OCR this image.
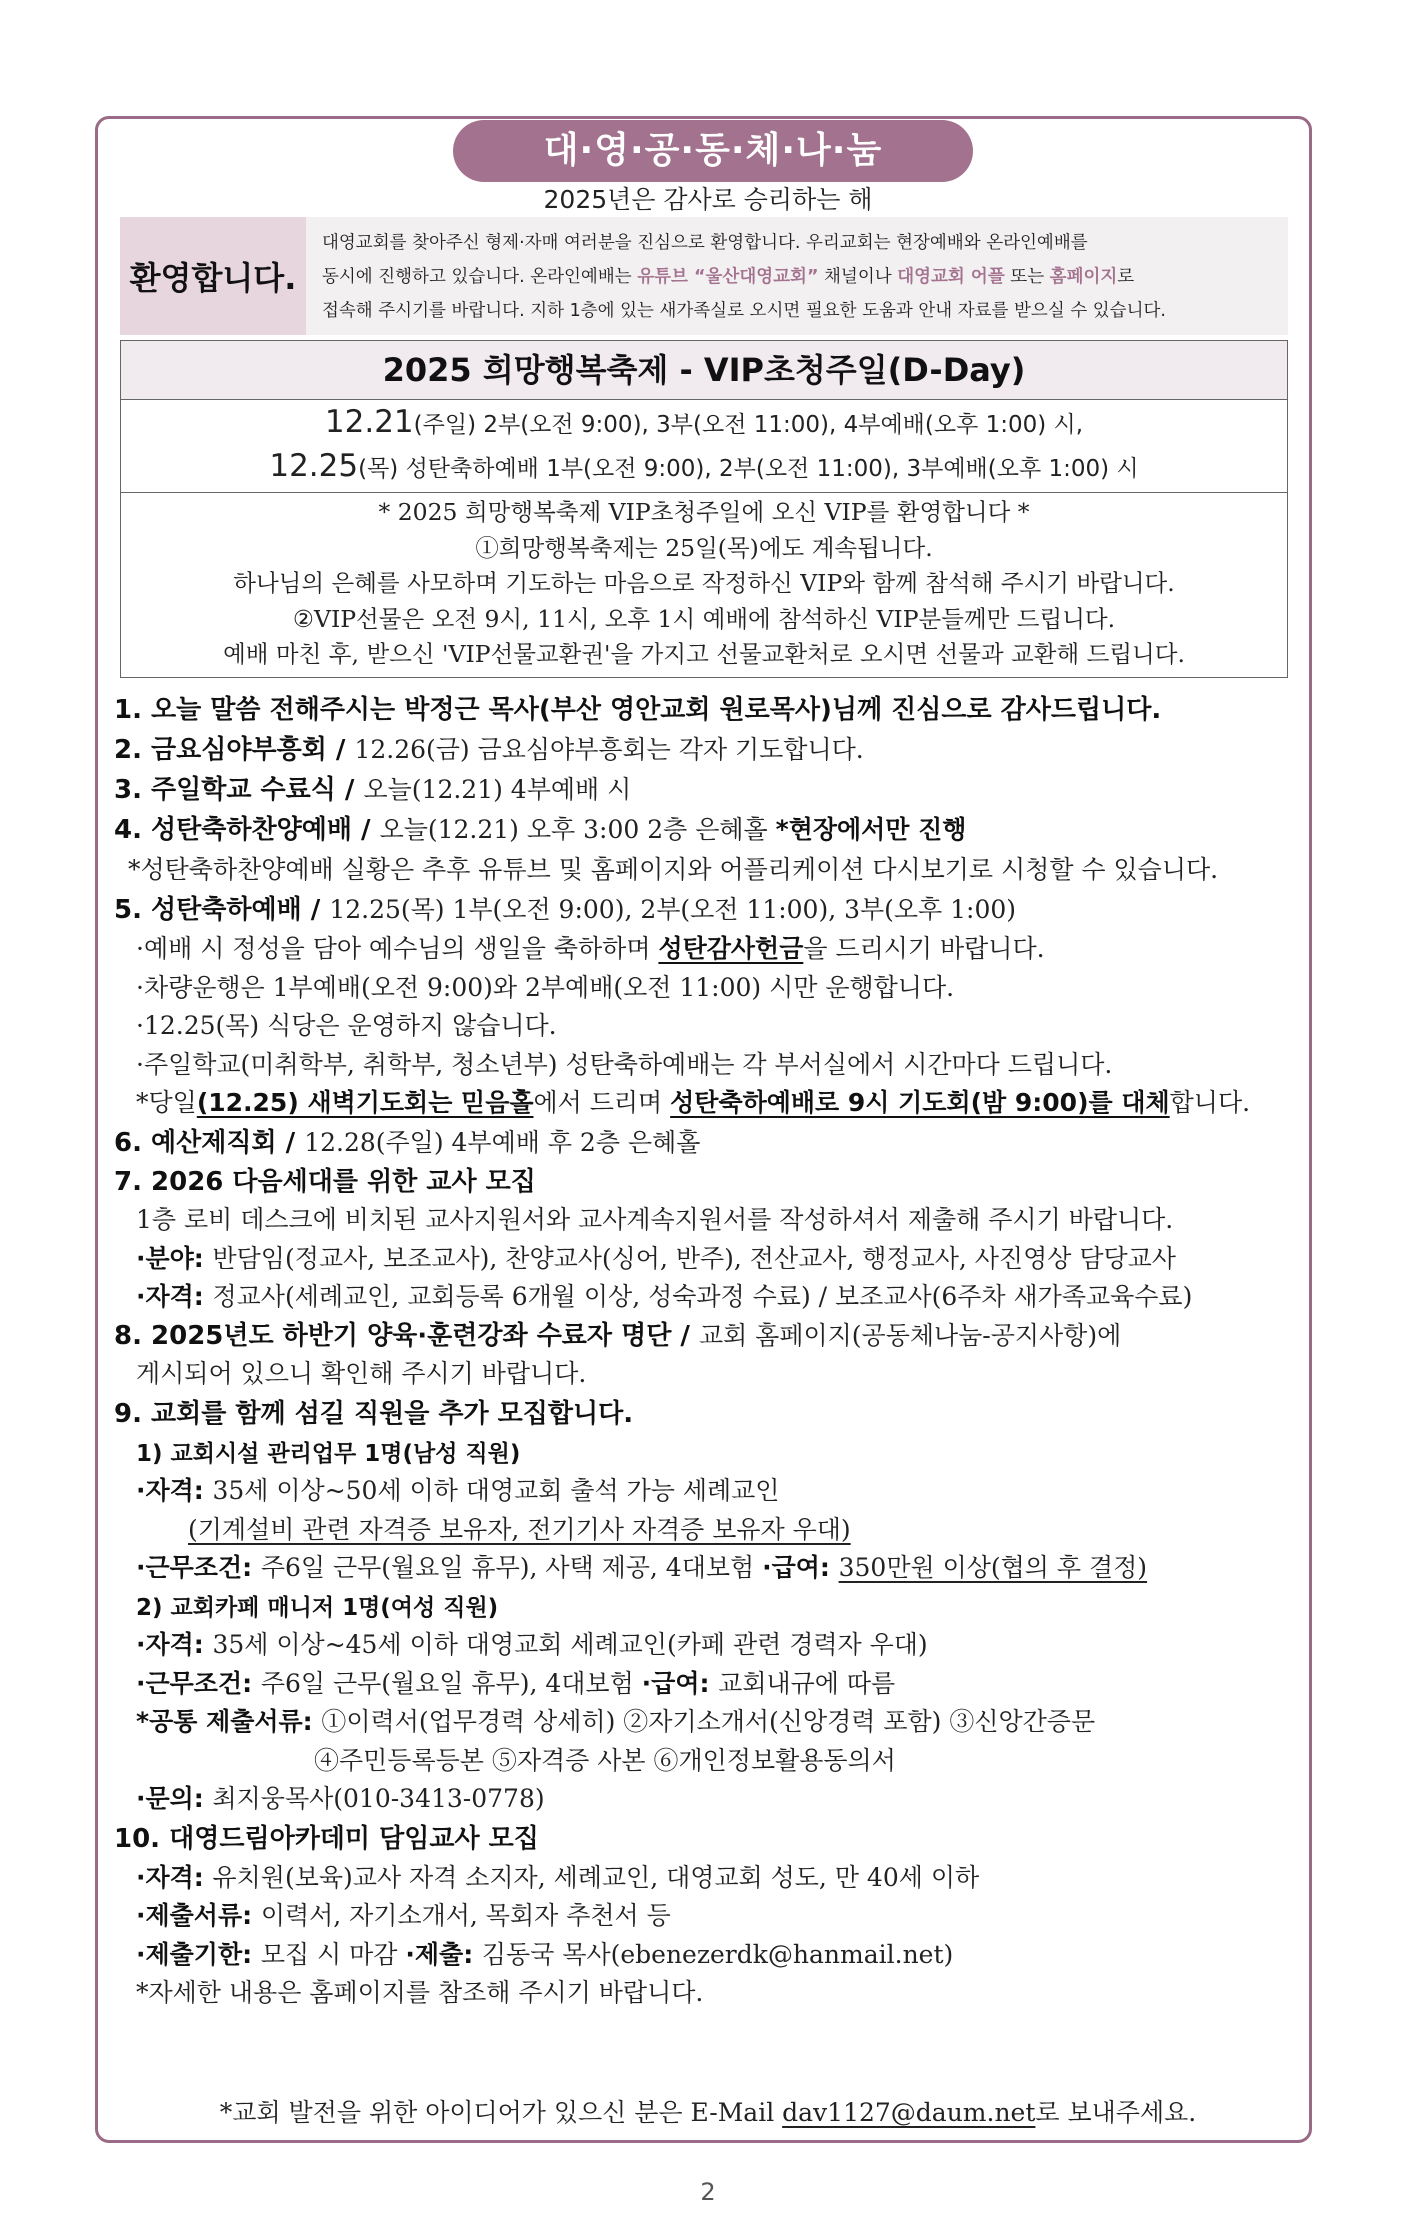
대·영·공·동·체·나·눔
2025년은 감사로 승리하는 해
환영합니다.
대영교회를 찾아주신 형제·자매 여러분을 진심으로 환영합니다. 우리교회는 현장예배와 온라인예배를
동시에 진행하고 있습니다. 온라인예배는 유튜브 “울산대영교회” 채널이나 대영교회 어플 또는 홈페이지로
접속해 주시기를 바랍니다. 지하 1층에 있는 새가족실로 오시면 필요한 도움과 안내 자료를 받으실 수 있습니다.
2025 희망행복축제 - VIP초청주일(D-Day)
12.21(주일) 2부(오전 9:00), 3부(오전 11:00), 4부예배(오후 1:00) 시,
12.25(목) 성탄축하예배 1부(오전 9:00), 2부(오전 11:00), 3부예배(오후 1:00) 시
* 2025 희망행복축제 VIP초청주일에 오신 VIP를 환영합니다 *
①희망행복축제는 25일(목)에도 계속됩니다.
하나님의 은혜를 사모하며 기도하는 마음으로 작정하신 VIP와 함께 참석해 주시기 바랍니다.
②VIP선물은 오전 9시, 11시, 오후 1시 예배에 참석하신 VIP분들께만 드립니다.
예배 마친 후, 받으신 'VIP선물교환권'을 가지고 선물교환처로 오시면 선물과 교환해 드립니다.
1. 오늘 말씀 전해주시는 박정근 목사(부산 영안교회 원로목사)님께 진심으로 감사드립니다.
2. 금요심야부흥회 / 12.26(금) 금요심야부흥회는 각자 기도합니다.
3. 주일학교 수료식 / 오늘(12.21) 4부예배 시
4. 성탄축하찬양예배 / 오늘(12.21) 오후 3:00 2층 은혜홀 *현장에서만 진행
*성탄축하찬양예배 실황은 추후 유튜브 및 홈페이지와 어플리케이션 다시보기로 시청할 수 있습니다.
5. 성탄축하예배 / 12.25(목) 1부(오전 9:00), 2부(오전 11:00), 3부(오후 1:00)
·예배 시 정성을 담아 예수님의 생일을 축하하며 성탄감사헌금을 드리시기 바랍니다.
·차량운행은 1부예배(오전 9:00)와 2부예배(오전 11:00) 시만 운행합니다.
·12.25(목) 식당은 운영하지 않습니다.
·주일학교(미취학부, 취학부, 청소년부) 성탄축하예배는 각 부서실에서 시간마다 드립니다.
*당일(12.25) 새벽기도회는 믿음홀에서 드리며 성탄축하예배로 9시 기도회(밤 9:00)를 대체합니다.
6. 예산제직회 / 12.28(주일) 4부예배 후 2층 은혜홀
7. 2026 다음세대를 위한 교사 모집
1층 로비 데스크에 비치된 교사지원서와 교사계속지원서를 작성하셔서 제출해 주시기 바랍니다.
·분야: 반담임(정교사, 보조교사), 찬양교사(싱어, 반주), 전산교사, 행정교사, 사진영상 담당교사
·자격: 정교사(세례교인, 교회등록 6개월 이상, 성숙과정 수료) / 보조교사(6주차 새가족교육수료)
8. 2025년도 하반기 양육·훈련강좌 수료자 명단 / 교회 홈페이지(공동체나눔-공지사항)에
게시되어 있으니 확인해 주시기 바랍니다.
9. 교회를 함께 섬길 직원을 추가 모집합니다.
1) 교회시설 관리업무 1명(남성 직원)
·자격: 35세 이상~50세 이하 대영교회 출석 가능 세례교인
(기계설비 관련 자격증 보유자, 전기기사 자격증 보유자 우대)
·근무조건: 주6일 근무(월요일 휴무), 사택 제공, 4대보험 ·급여: 350만원 이상(협의 후 결정)
2) 교회카페 매니저 1명(여성 직원)
·자격: 35세 이상~45세 이하 대영교회 세례교인(카페 관련 경력자 우대)
·근무조건: 주6일 근무(월요일 휴무), 4대보험 ·급여: 교회내규에 따름
*공통 제출서류: ①이력서(업무경력 상세히) ②자기소개서(신앙경력 포함) ③신앙간증문
④주민등록등본 ⑤자격증 사본 ⑥개인정보활용동의서
·문의: 최지웅목사(010-3413-0778)
10. 대영드림아카데미 담임교사 모집
·자격: 유치원(보육)교사 자격 소지자, 세례교인, 대영교회 성도, 만 40세 이하
·제출서류: 이력서, 자기소개서, 목회자 추천서 등
·제출기한: 모집 시 마감 ·제출: 김동국 목사(ebenezerdk@hanmail.net)
*자세한 내용은 홈페이지를 참조해 주시기 바랍니다.
*교회 발전을 위한 아이디어가 있으신 분은 E-Mail dav1127@daum.net로 보내주세요.
2
